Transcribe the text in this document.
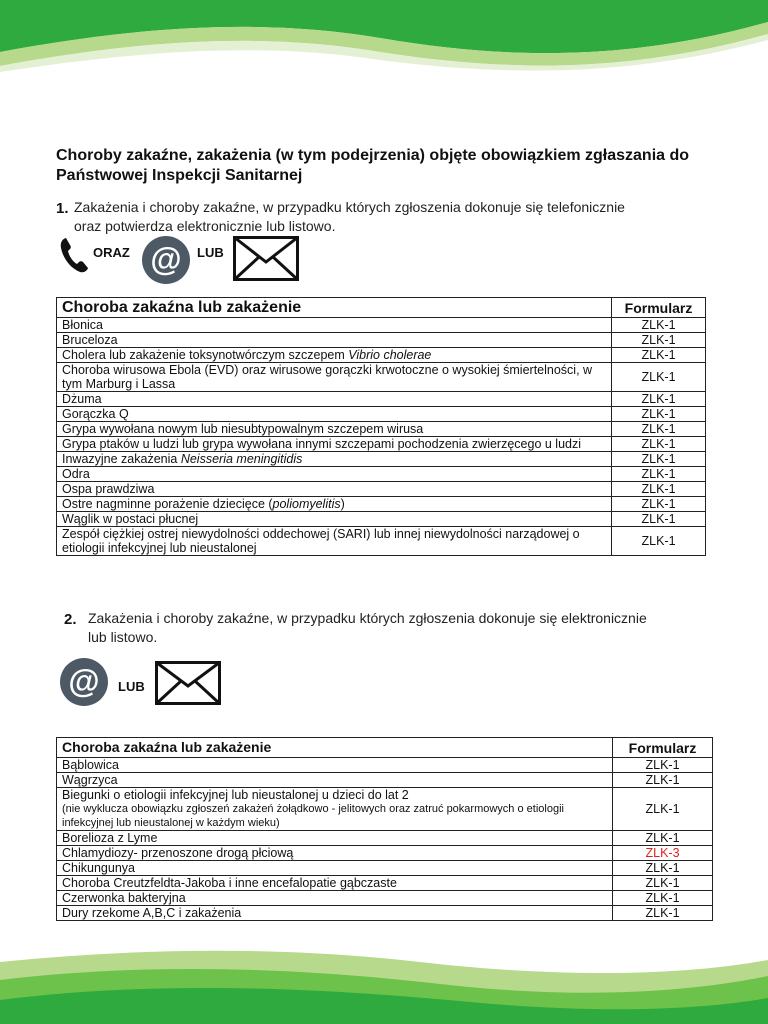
Choroby zakaźne, zakażenia (w tym podejrzenia) objęte obowiązkiem zgłaszania do Państwowej Inspekcji Sanitarnej
1. Zakażenia i choroby zakaźne, w przypadku których zgłoszenia dokonuje się telefonicznie
oraz potwierdza elektronicznie lub listowo.
ORAZ @	LUB
Choroba zakaźna lub zakażenie	Formularz
Błonica	ZLK-1
Bruceloza	ZLK-1
Cholera lub zakażenie toksynotwórczym szczepem Vibrio cholerae	ZLK-1
Choroba wirusowa Ebola (EVD) oraz wirusowe gorączki krwotoczne o wysokiej śmiertelności, w tym Marburg i Lassa	ZLK-1
Dżuma	ZLK-1
Gorączka Q	ZLK-1
Grypa wywołana nowym lub niesubtypowalnym szczepem wirusa	ZLK-1
Grypa ptaków u ludzi lub grypa wywołana innymi szczepami pochodzenia zwierzęcego u ludzi	ZLK-1
Inwazyjne zakażenia Neisseria meningitidis	ZLK-1
Odra	ZLK-1
Ospa prawdziwa	ZLK-1
Ostre nagminne porażenie dziecięce (poliomyelitis)	ZLK-1
Wąglik w postaci płucnej	ZLK-1
Zespół ciężkiej ostrej niewydolności oddechowej (SARI) lub innej niewydolności narządowej o etiologii infekcyjnej lub nieustalonej	ZLK-1
2. Zakażenia i choroby zakaźne, w przypadku których zgłoszenia dokonuje się elektronicznie
lub listowo.
@	LUB
Choroba zakaźna lub zakażenie	Formularz
Bąblowica	ZLK-1
Wągrzyca	ZLK-1

Biegunki o etiologii infekcyjnej lub nieustalonej u dzieci do lat 2
(nie wyklucza obowiązku zgłoszeń zakażeń żołądkowo - jelitowych oraz zatruć pokarmowych o etiologii infekcyjnej lub nieustalonej w każdym wieku)	ZLK-1
Borelioza z Lyme	ZLK-1
Chlamydiozy- przenoszone drogą płciową	ZLK-3
Chikungunya	ZLK-1
Choroba Creutzfeldta-Jakoba i inne encefalopatie gąbczaste	ZLK-1
Czerwonka bakteryjna	ZLK-1
Dury rzekome A,B,C i zakażenia	ZLK-1
